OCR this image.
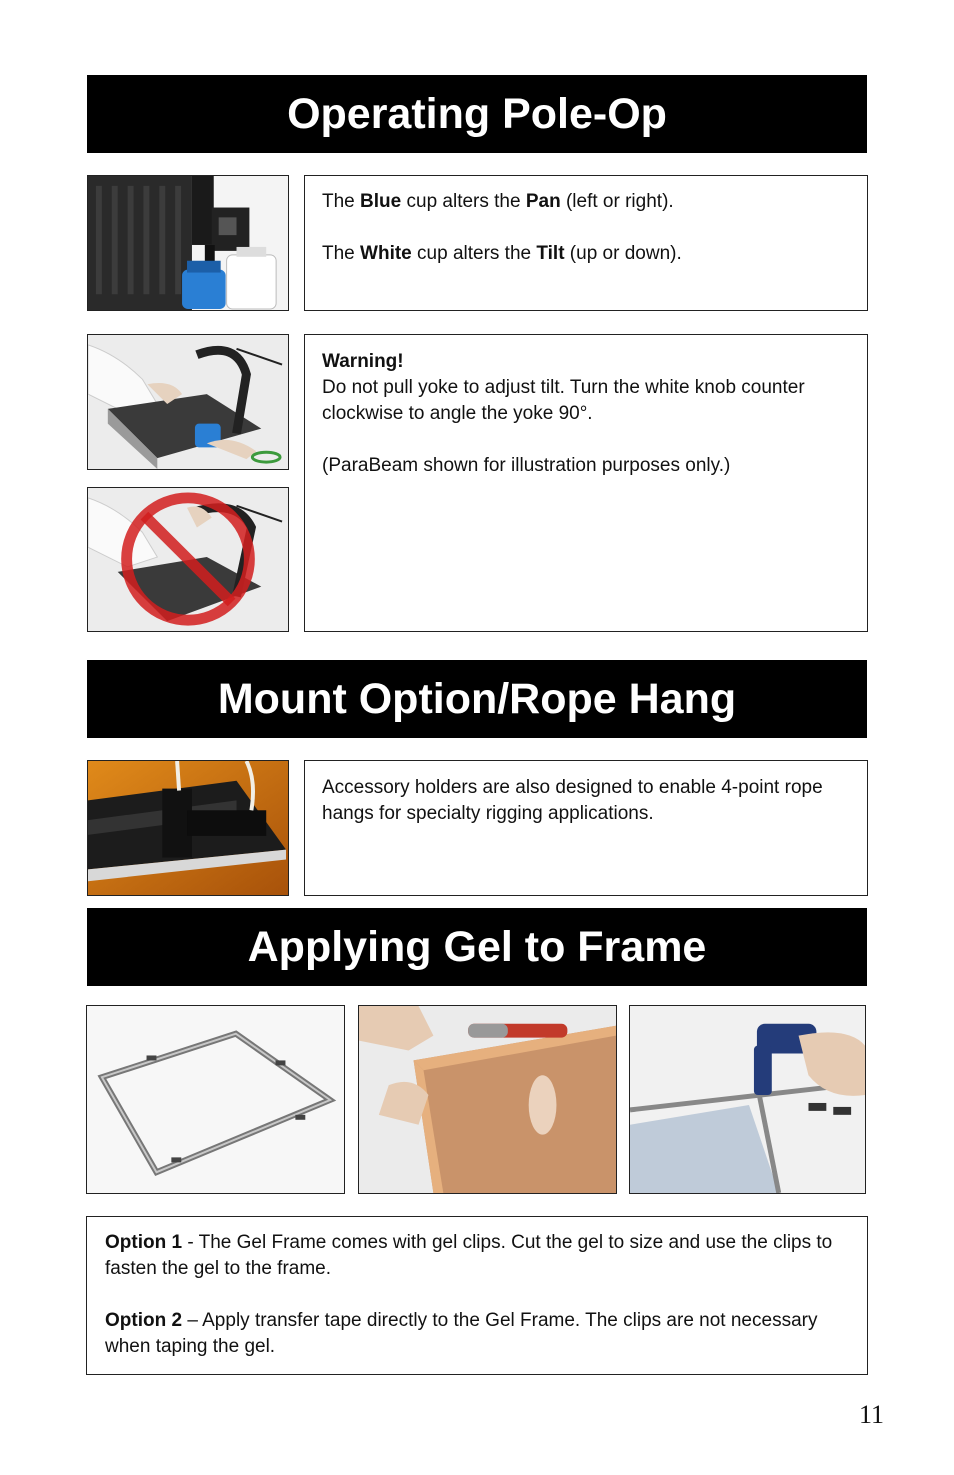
Operating Pole-Op

The Blue cup alters the Pan (left or right).

The White cup alters the Tilt (up or down).

Warning!

Do not pull yoke to adjust tilt. Turn the white knob counter clockwise to angle the yoke 90°.

(ParaBeam shown for illustration purposes only.)

Mount Option/Rope Hang

Accessory holders are also designed to enable 4-point rope hangs for specialty rigging applications.

Applying Gel to Frame

Option 1 - The Gel Frame comes with gel clips. Cut the gel to size and use the clips to fasten the gel to the frame.

Option 2 – Apply transfer tape directly to the Gel Frame. The clips are not necessary when taping the gel.

11
